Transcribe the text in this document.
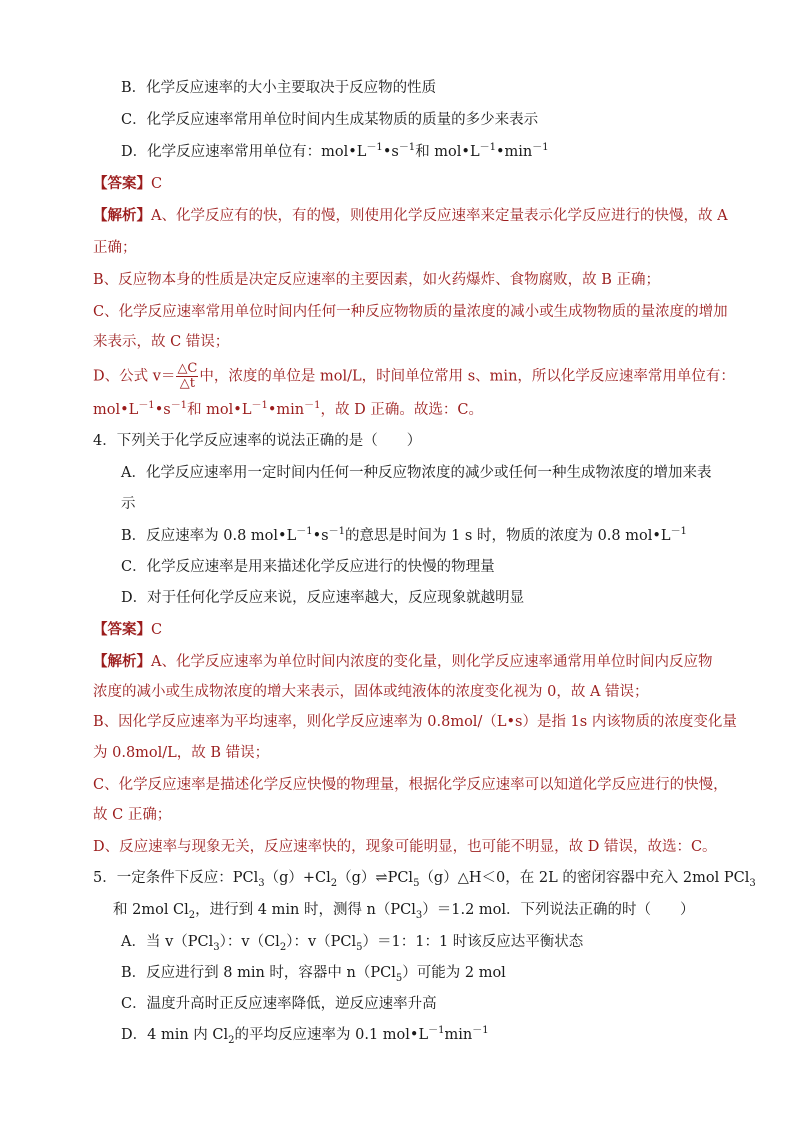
B．化学反应速率的大小主要取决于反应物的性质
C．化学反应速率常用单位时间内生成某物质的质量的多少来表示
D．化学反应速率常用单位有：$mol•L^{-1}•s^{-1}$和 $mol•L^{-1}•\min^{-1}$
【答案】C
【解析】A、化学反应有的快，有的慢，则使用化学反应速率来定量表示化学反应进行的快慢，故 A
正确；
B、反应物本身的性质是决定反应速率的主要因素，如火药爆炸、食物腐败，故 B 正确；
C、化学反应速率常用单位时间内任何一种反应物物质的量浓度的减小或生成物物质的量浓度的增加
来表示，故 C 错误；
D、公式 $v= \frac{\triangle C}{\triangle t}$ 中，浓度的单位是 mol/L，时间单位常用 s、min，所以化学反应速率常用单位有：
$mol•L^{-1}•s^{-1}$和 $mol•L^{-1}•\min^{-1}$，故 D 正确。故选：C。
4．下列关于化学反应速率的说法正确的是（　　）
A．化学反应速率用一定时间内任何一种反应物浓度的减少或任何一种生成物浓度的增加来表
示
B．反应速率为 0.8 $mol•L^{-1}•s^{-1}$的意思是时间为 1 s 时，物质的浓度为 0.8 $mol•L^{-1}$
C．化学反应速率是用来描述化学反应进行的快慢的物理量
D．对于任何化学反应来说，反应速率越大，反应现象就越明显
【答案】C
【解析】A、化学反应速率为单位时间内浓度的变化量，则化学反应速率通常用单位时间内反应物
浓度的减小或生成物浓度的增大来表示，固体或纯液体的浓度变化视为 0，故 A 错误；
B、因化学反应速率为平均速率，则化学反应速率为 0.8mol/（L•s）是指 1s 内该物质的浓度变化量
为 0.8mol/L，故 B 错误；
C、化学反应速率是描述化学反应快慢的物理量，根据化学反应速率可以知道化学反应进行的快慢，
故 C 正确；
D、反应速率与现象无关，反应速率快的，现象可能明显，也可能不明显，故 D 错误，故选：C。
5．一定条件下反应：$PCl_3(g)+Cl_2(g)\rightleftharpoons PCl_5(g)\triangle H<0$，在 2L 的密闭容器中充入 2mol PCl$_3$
和 2mol $Cl_2$，进行到 4 min 时，测得 n（PCl$_3$）＝1.2 mol．下列说法正确的时（　　）
A．当 v（PCl$_3$）：$v(Cl_2)$：v（PCl$_5$）＝1：1：1 时该反应达平衡状态
B．反应进行到 8 min 时，容器中 n（PCl$_5$）可能为 2 mol
C．温度升高时正反应速率降低，逆反应速率升高
D．4 min 内 $Cl_2$的平均反应速率为 0.1 $mol•L^{-1}\min^{-1}$
